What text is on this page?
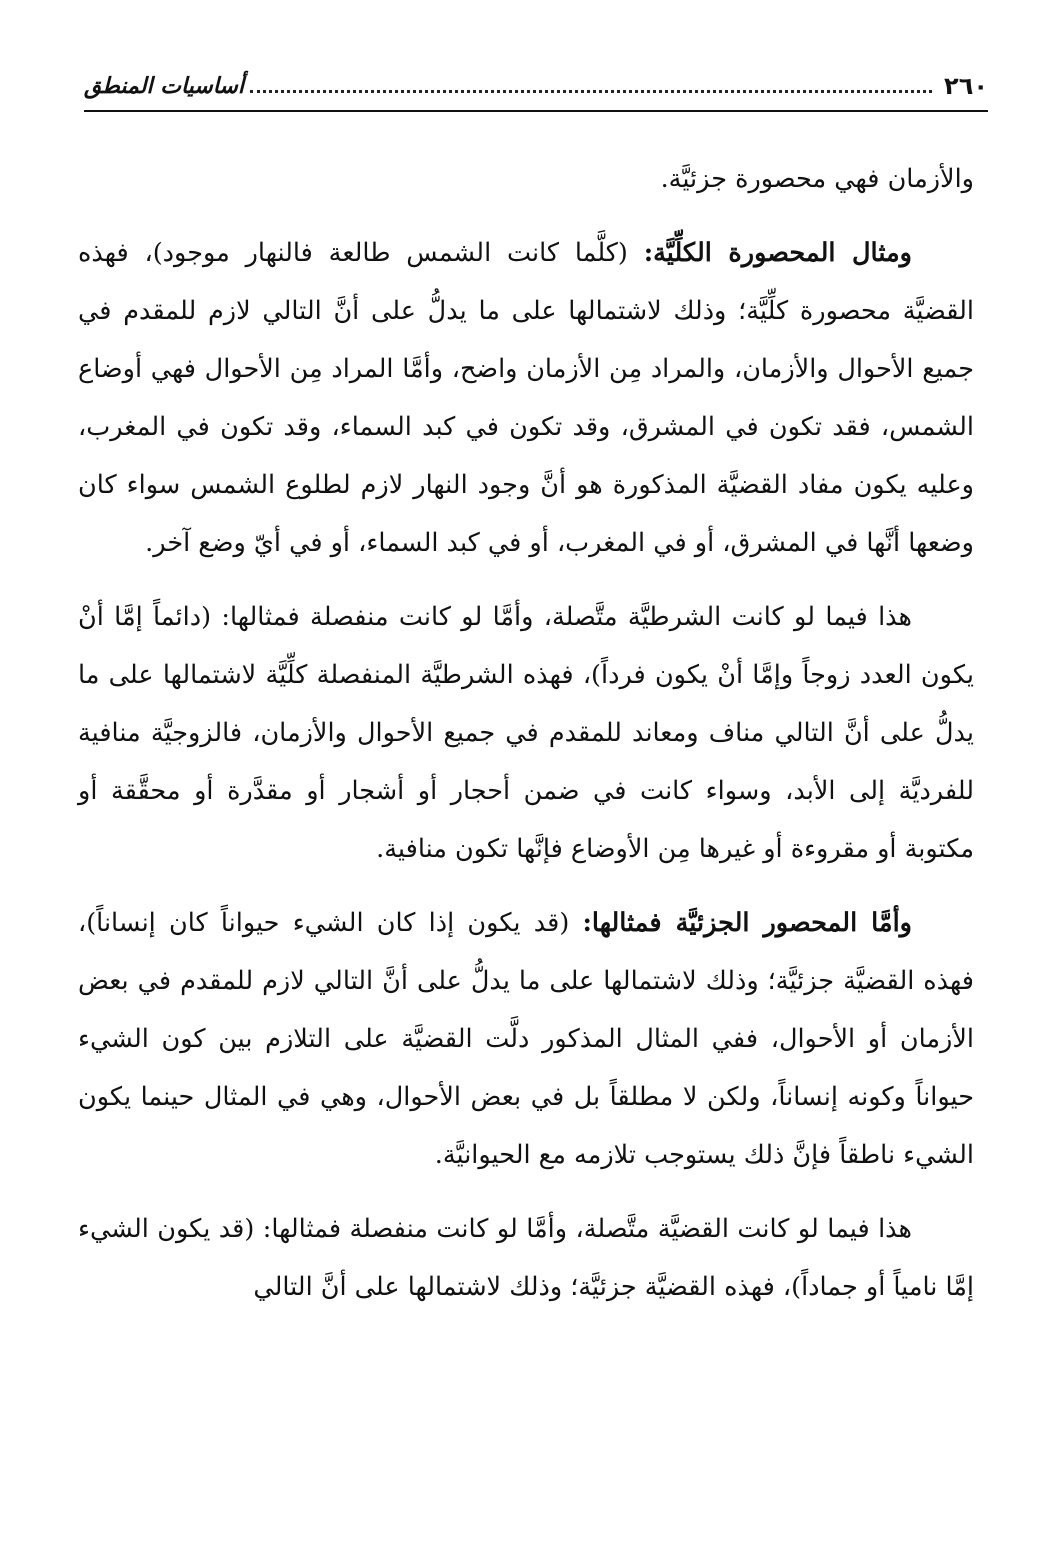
٢٦٠
أساسيات المنطق

والأزمان فهي محصورة جزئيَّة.

ومثال المحصورة الكلِّيَّة: (كلَّما كانت الشمس طالعة فالنهار موجود)، فهذه القضيَّة محصورة كلِّيَّة؛ وذلك لاشتمالها على ما يدلُّ على أنَّ التالي لازم للمقدم في جميع الأحوال والأزمان، والمراد مِن الأزمان واضح، وأمَّا المراد مِن الأحوال فهي أوضاع الشمس، فقد تكون في المشرق، وقد تكون في كبد السماء، وقد تكون في المغرب، وعليه يكون مفاد القضيَّة المذكورة هو أنَّ وجود النهار لازم لطلوع الشمس سواء كان وضعها أنَّها في المشرق، أو في المغرب، أو في كبد السماء، أو في أيّ وضع آخر.

هذا فيما لو كانت الشرطيَّة متَّصلة، وأمَّا لو كانت منفصلة فمثالها: (دائماً إمَّا أنْ يكون العدد زوجاً وإمَّا أنْ يكون فرداً)، فهذه الشرطيَّة المنفصلة كلِّيَّة لاشتمالها على ما يدلُّ على أنَّ التالي مناف ومعاند للمقدم في جميع الأحوال والأزمان، فالزوجيَّة منافية للفرديَّة إلى الأبد، وسواء كانت في ضمن أحجار أو أشجار أو مقدَّرة أو محقَّقة أو مكتوبة أو مقروءة أو غيرها مِن الأوضاع فإنَّها تكون منافية.

وأمَّا المحصور الجزئيَّة فمثالها: (قد يكون إذا كان الشيء حيواناً كان إنساناً)، فهذه القضيَّة جزئيَّة؛ وذلك لاشتمالها على ما يدلُّ على أنَّ التالي لازم للمقدم في بعض الأزمان أو الأحوال، ففي المثال المذكور دلَّت القضيَّة على التلازم بين كون الشيء حيواناً وكونه إنساناً، ولكن لا مطلقاً بل في بعض الأحوال، وهي في المثال حينما يكون الشيء ناطقاً فإنَّ ذلك يستوجب تلازمه مع الحيوانيَّة.

هذا فيما لو كانت القضيَّة متَّصلة، وأمَّا لو كانت منفصلة فمثالها: (قد يكون الشيء إمَّا نامياً أو جماداً)، فهذه القضيَّة جزئيَّة؛ وذلك لاشتمالها على أنَّ التالي
